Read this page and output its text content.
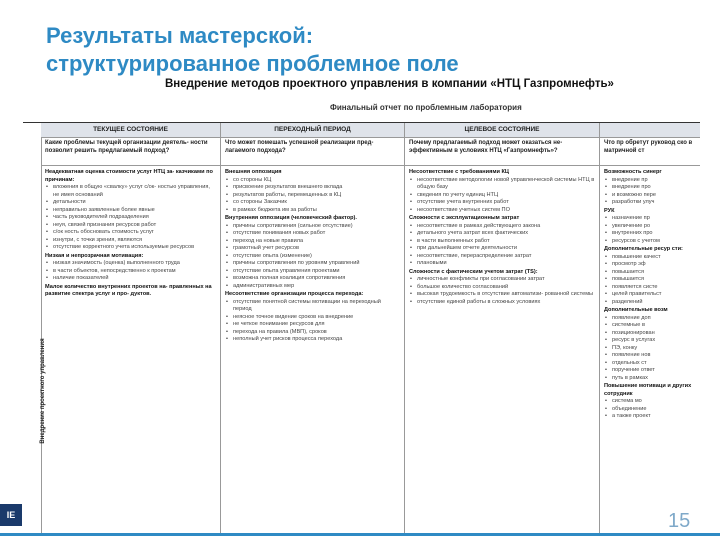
Результаты мастерской:
структурированное проблемное поле
Внедрение методов проектного управления в компании «НТЦ Газпромнефть»
Финальный отчет по проблемным лаборатория
Внедрение проектного управления
ТЕКУЩЕЕ СОСТОЯНИЕ
Какие проблемы текущей организации деятель- ности позволит решить предлагаемый подход?
Неадекватная оценка стоимости услуг НТЦ за- казчиками по причинам:
• вложения в общую «свалку» услуг с/ок- ностью управления, не имея оснований
• детальности
• неправильно заявленные более явные
• часть руководителей подразделения
• неуя, связей признания ресурсов работ
• с/ок ность обосновать стоимость услуг
• изнутри, с точки зрения, являются
• отсутствие корректного учета используемые ресурсов
Низкая и непрозрачная мотивация:
• низкая значимость (оценка) выполненного труда
• в части объектов, непосредственно к проектам
• наличие показателей
Малое количество внутренних проектов на- правленных на развитие спектра услуг и про- дуктов.
ПЕРЕХОДНЫЙ ПЕРИОД
Что может помешать успешной реализации пред- лагаемого подхода?
Внешняя оппозиция
• со стороны КЦ
• присвоение результатов внешнего вклада
• результатов работы, перемещенных в КЦ
• со стороны Заказчик
• в рамках бюджета им за работы
Внутренняя оппозиция (человеческий фактор).
• причины сопротивления (сильное отсутствие)
• отсутствие понимания новых работ
• переход на новые правила
• грамотный учет ресурсов
• отсутствие опыта (изменение)
• причины сопротивления по уровням управлений
• отсутствие опыта управления проектами
• возможна полная коалиция сопротивления
• административных мер
Несоответствие организации процесса перехода:
• отсутствие понятной системы мотивации на переходный период
• неясное точное видение сроков на внедрение
• не четкое понимание ресурсов для
• перехода на правила (МВП), сроков
• неполный учет рисков процесса перехода
ЦЕЛЕВОЕ СОСТОЯНИЕ
Почему предлагаемый подход может оказаться не- эффективным в условиях НТЦ «Газпромнефть»?
Несоответствие с требованиями КЦ
• несоответствие методологии новой управленческой системы НТЦ в общую базу
• сведения по учету единиц НТЦ
• отсутствие учета внутренних работ
• несоответствие учетных систем ПО
Сложности с эксплуатационным затрат
• несоответствие в рамках действующего закона
• детального учета затрат всех фактических
• в части выполненных работ
• при дальнейшем отчете деятельности
• несоответствие, перераспределение затрат
• плановыми
Сложности с фактическим учетом затрат (TS):
• личностные конфликты при согласовании затрат
• большое количество согласований
• высокая трудоемкость в отсутствие автоматизи- рованной системы
• отсутствие единой работы в сложных условиях
Что пр обретут руковод ско в матричной ст
Возможность синерг
• внедрение пр
• внедрение про
• и возможно пере
• разработки улуч
РУК
• назначение пр
• увеличение ро
• внутренних про
• ресурсов с учетом
Дополнительные ресур сти:
• повышение качест
• просмотр эф
• повышается
• повышается
• появляется систе
• целей правительст
• разделений
Дополнительные возм
• появление доп
• системные в
• позиционирован
• ресурс в услугах
• ПЭ, конку
• появление нов
• отдельных ст
• поручение ответ
• путь в рамках
Повышение мотиваци и других сотрудник
• система мо
• объединение
• а также проект
IE	15
